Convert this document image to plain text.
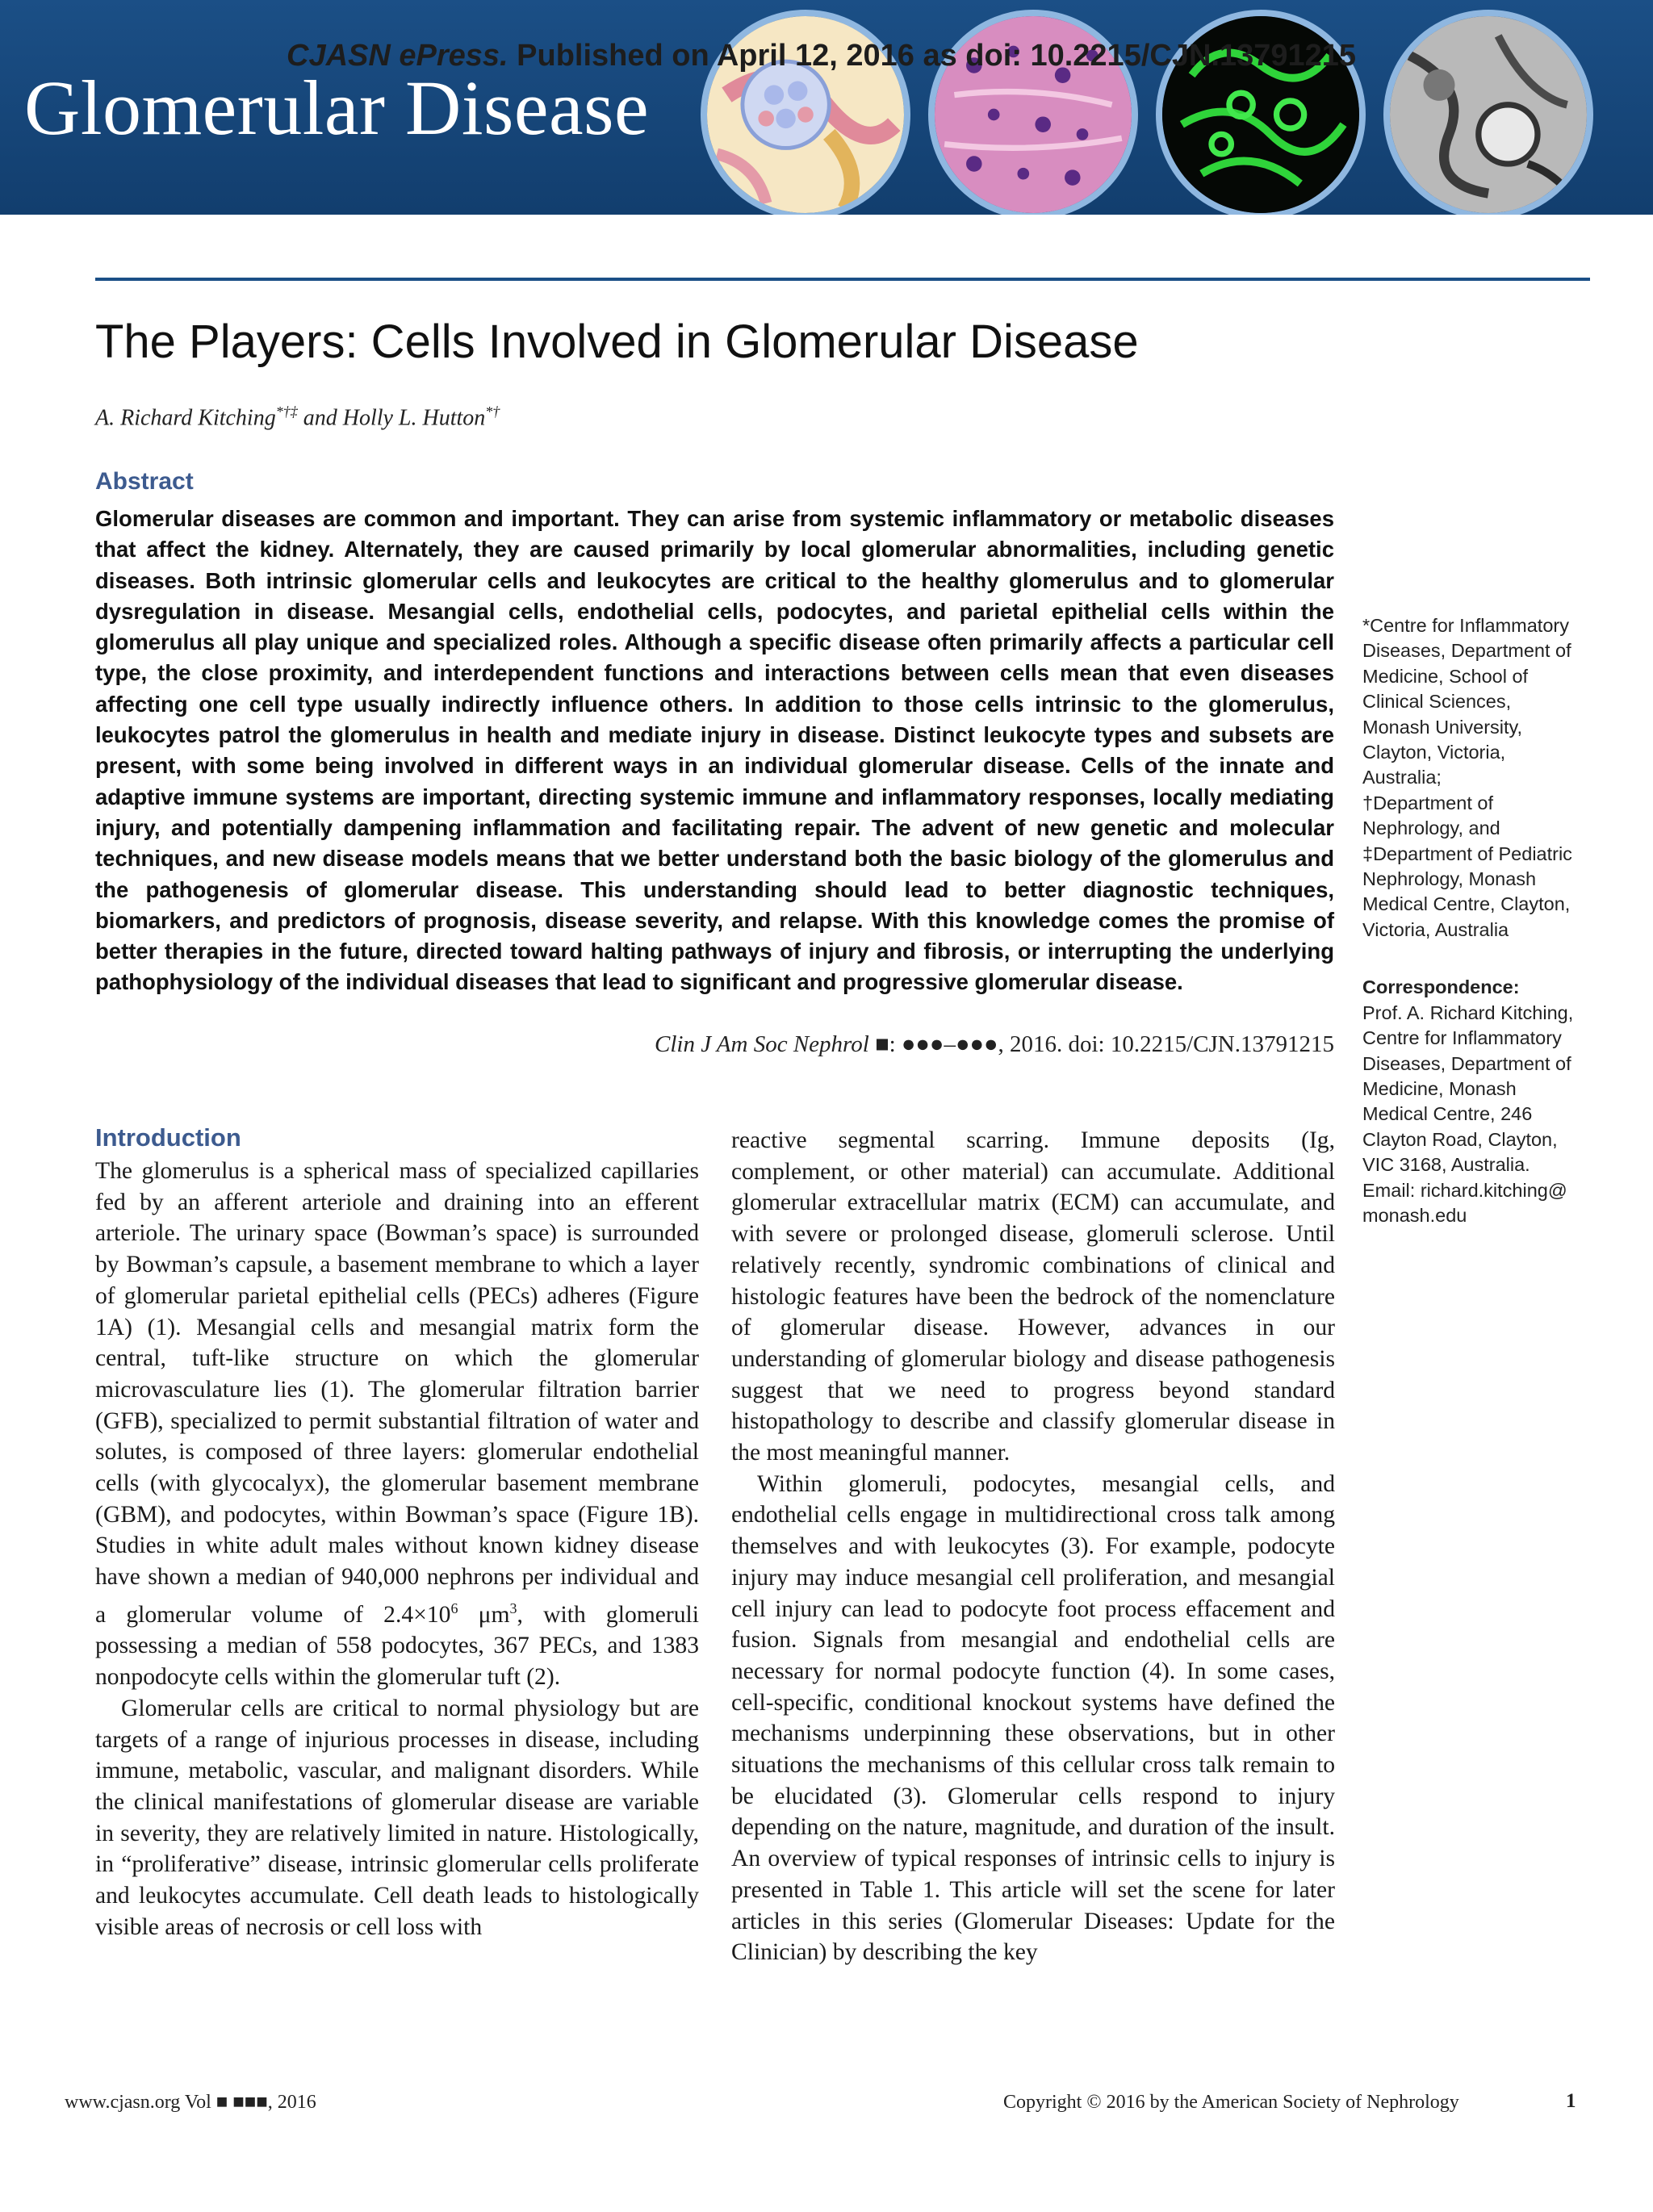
Glomerular Disease
CJASN ePress. Published on April 12, 2016 as doi: 10.2215/CJN.13791215
The Players: Cells Involved in Glomerular Disease
A. Richard Kitching*†‡ and Holly L. Hutton*†
Abstract

Glomerular diseases are common and important. They can arise from systemic inflammatory or metabolic diseases that affect the kidney. Alternately, they are caused primarily by local glomerular abnormalities, including genetic diseases. Both intrinsic glomerular cells and leukocytes are critical to the healthy glomerulus and to glomerular dysregulation in disease. Mesangial cells, endothelial cells, podocytes, and parietal epithelial cells within the glomerulus all play unique and specialized roles. Although a specific disease often primarily affects a particular cell type, the close proximity, and interdependent functions and interactions between cells mean that even diseases affecting one cell type usually indirectly influence others. In addition to those cells intrinsic to the glomerulus, leukocytes patrol the glomerulus in health and mediate injury in disease. Distinct leukocyte types and subsets are present, with some being involved in different ways in an individual glomerular disease. Cells of the innate and adaptive immune systems are important, directing systemic immune and inflammatory responses, locally mediating injury, and potentially dampening inflammation and facilitating repair. The advent of new genetic and molecular techniques, and new disease models means that we better understand both the basic biology of the glomerulus and the pathogenesis of glomerular disease. This understanding should lead to better diagnostic techniques, biomarkers, and predictors of prognosis, disease severity, and relapse. With this knowledge comes the promise of better therapies in the future, directed toward halting pathways of injury and fibrosis, or interrupting the underlying pathophysiology of the individual diseases that lead to significant and progressive glomerular disease.

Clin J Am Soc Nephrol ■: ●●●–●●●, 2016. doi: 10.2215/CJN.13791215

*Centre for Inflammatory Diseases, Department of Medicine, School of Clinical Sciences, Monash University, Clayton, Victoria, Australia;

†Department of Nephrology, and

‡Department of Pediatric Nephrology, Monash Medical Centre, Clayton, Victoria, Australia

Correspondence:

Prof. A. Richard Kitching, Centre for Inflammatory Diseases, Department of Medicine, Monash Medical Centre, 246 Clayton Road, Clayton, VIC 3168, Australia. Email: richard.kitching@ monash.edu

Introduction

The glomerulus is a spherical mass of specialized capillaries fed by an afferent arteriole and draining into an efferent arteriole. The urinary space (Bowman’s space) is surrounded by Bowman’s capsule, a basement membrane to which a layer of glomerular parietal epithelial cells (PECs) adheres (Figure 1A) (1). Mesangial cells and mesangial matrix form the central, tuft-like structure on which the glomerular microvasculature lies (1). The glomerular filtration barrier (GFB), specialized to permit substantial filtration of water and solutes, is composed of three layers: glomerular endothelial cells (with glycocalyx), the glomerular basement membrane (GBM), and podocytes, within Bowman’s space (Figure 1B). Studies in white adult males without known kidney disease have shown a median of 940,000 nephrons per individual and a glomerular volume of $2.4\times 10^6$ $\mu m^3$, with glomeruli possessing a median of 558 podocytes, 367 PECs, and 1383 nonpodocyte cells within the glomerular tuft (2).

Glomerular cells are critical to normal physiology but are targets of a range of injurious processes in disease, including immune, metabolic, vascular, and malignant disorders. While the clinical manifestations of glomerular disease are variable in severity, they are relatively limited in nature. Histologically, in “proliferative” disease, intrinsic glomerular cells proliferate and leukocytes accumulate. Cell death leads to histologically visible areas of necrosis or cell loss with

reactive segmental scarring. Immune deposits (Ig, complement, or other material) can accumulate. Additional glomerular extracellular matrix (ECM) can accumulate, and with severe or prolonged disease, glomeruli sclerose. Until relatively recently, syndromic combinations of clinical and histologic features have been the bedrock of the nomenclature of glomerular disease. However, advances in our understanding of glomerular biology and disease pathogenesis suggest that we need to progress beyond standard histopathology to describe and classify glomerular disease in the most meaningful manner.

Within glomeruli, podocytes, mesangial cells, and endothelial cells engage in multidirectional cross talk among themselves and with leukocytes (3). For example, podocyte injury may induce mesangial cell proliferation, and mesangial cell injury can lead to podocyte foot process effacement and fusion. Signals from mesangial and endothelial cells are necessary for normal podocyte function (4). In some cases, cell-specific, conditional knockout systems have defined the mechanisms underpinning these observations, but in other situations the mechanisms of this cellular cross talk remain to be elucidated (3). Glomerular cells respond to injury depending on the nature, magnitude, and duration of the insult. An overview of typical responses of intrinsic cells to injury is presented in Table 1. This article will set the scene for later articles in this series (Glomerular Diseases: Update for the Clinician) by describing the key

www.cjasn.org Vol ■ ■■■, 2016	Copyright © 2016 by the American Society of Nephrology	1
